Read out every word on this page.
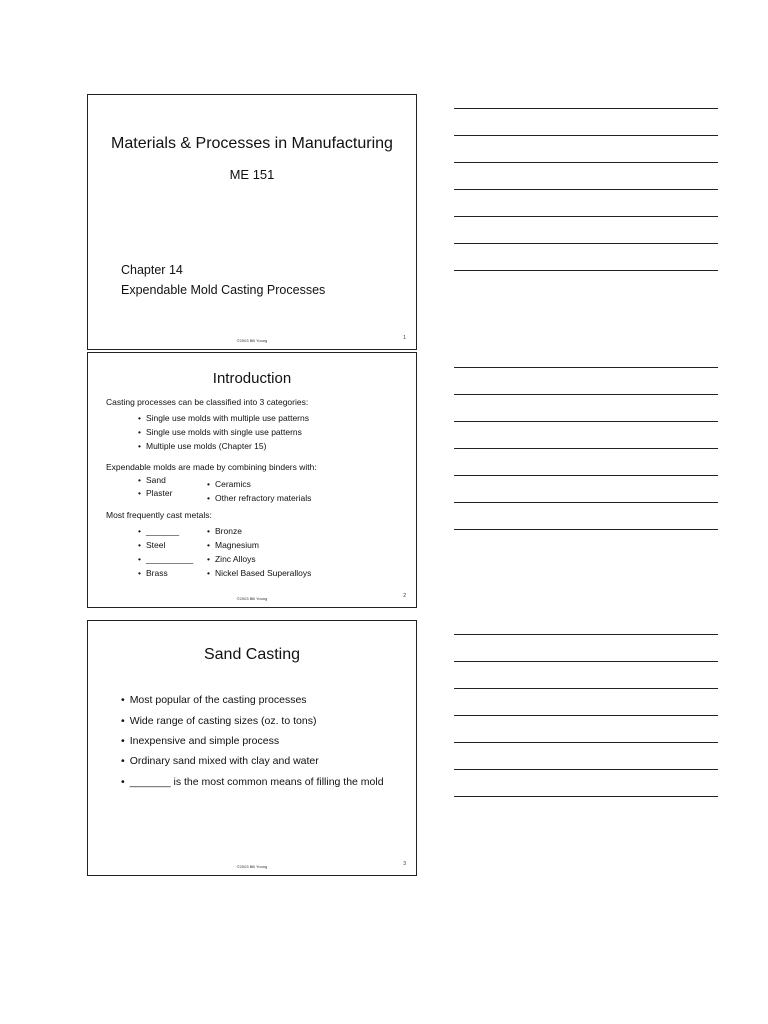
Materials & Processes in Manufacturing
ME 151
Chapter 14
Expendable Mold Casting Processes
©2003 Bill Young	1
Introduction
Casting processes can be classified into 3 categories:
• Single use molds with multiple use patterns
• Single use molds with single use patterns
• Multiple use molds (Chapter 15)
Expendable molds are made by combining binders with:
• Sand
• Plaster
• Ceramics
• Other refractory materials
Most frequently cast metals:
• _______
• Steel
• __________
• Brass
• Bronze
• Magnesium
• Zinc Alloys
• Nickel Based Superalloys
©2003 Bill Young	2
Sand Casting
• Most popular of the casting processes
• Wide range of casting sizes (oz. to tons)
• Inexpensive and simple process
• Ordinary sand mixed with clay and water
• _______ is the most common means of filling the mold
©2003 Bill Young	3
